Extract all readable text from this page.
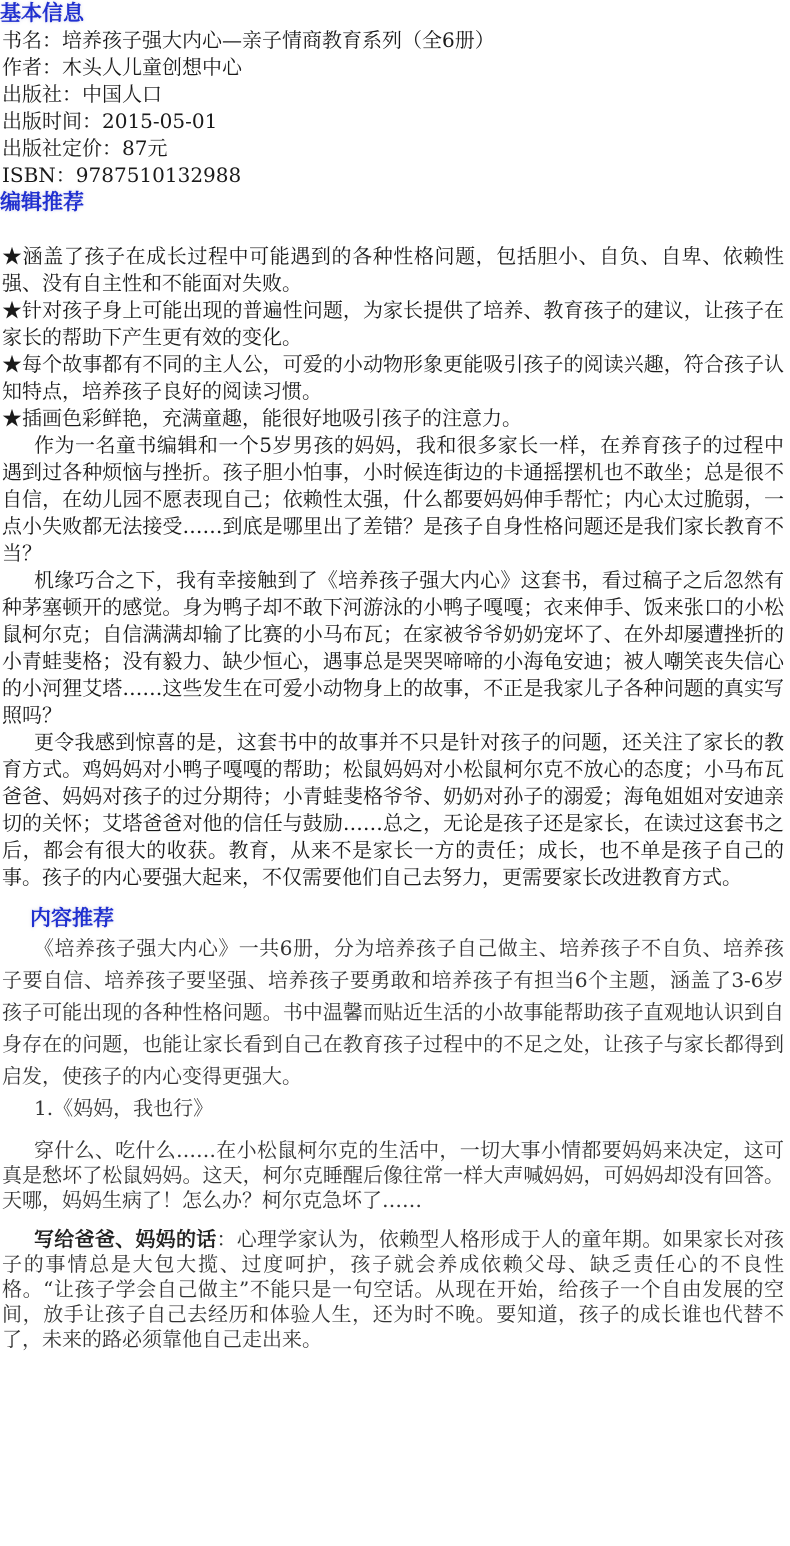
基本信息
书名：培养孩子强大内心—亲子情商教育系列（全6册）
作者：木头人儿童创想中心
出版社：中国人口
出版时间：2015-05-01
出版社定价：87元
ISBN：9787510132988
编辑推荐

★涵盖了孩子在成长过程中可能遇到的各种性格问题，包括胆小、自负、自卑、依赖性强、没有自主性和不能面对失败。

★针对孩子身上可能出现的普遍性问题，为家长提供了培养、教育孩子的建议，让孩子在家长的帮助下产生更有效的变化。

★每个故事都有不同的主人公，可爱的小动物形象更能吸引孩子的阅读兴趣，符合孩子认知特点，培养孩子良好的阅读习惯。

★插画色彩鲜艳，充满童趣，能很好地吸引孩子的注意力。

作为一名童书编辑和一个5岁男孩的妈妈，我和很多家长一样，在养育孩子的过程中遇到过各种烦恼与挫折。孩子胆小怕事，小时候连街边的卡通摇摆机也不敢坐；总是很不自信，在幼儿园不愿表现自己；依赖性太强，什么都要妈妈伸手帮忙；内心太过脆弱，一点小失败都无法接受……到底是哪里出了差错？是孩子自身性格问题还是我们家长教育不当？

机缘巧合之下，我有幸接触到了《培养孩子强大内心》这套书，看过稿子之后忽然有种茅塞顿开的感觉。身为鸭子却不敢下河游泳的小鸭子嘎嘎；衣来伸手、饭来张口的小松鼠柯尔克；自信满满却输了比赛的小马布瓦；在家被爷爷奶奶宠坏了、在外却屡遭挫折的小青蛙斐格；没有毅力、缺少恒心，遇事总是哭哭啼啼的小海龟安迪；被人嘲笑丧失信心的小河狸艾塔……这些发生在可爱小动物身上的故事，不正是我家儿子各种问题的真实写照吗？

更令我感到惊喜的是，这套书中的故事并不只是针对孩子的问题，还关注了家长的教育方式。鸡妈妈对小鸭子嘎嘎的帮助；松鼠妈妈对小松鼠柯尔克不放心的态度；小马布瓦爸爸、妈妈对孩子的过分期待；小青蛙斐格爷爷、奶奶对孙子的溺爱；海龟姐姐对安迪亲切的关怀；艾塔爸爸对他的信任与鼓励……总之，无论是孩子还是家长，在读过这套书之后，都会有很大的收获。教育，从来不是家长一方的责任；成长，也不单是孩子自己的事。孩子的内心要强大起来，不仅需要他们自己去努力，更需要家长改进教育方式。

内容推荐

《培养孩子强大内心》一共6册，分为培养孩子自己做主、培养孩子不自负、培养孩子要自信、培养孩子要坚强、培养孩子要勇敢和培养孩子有担当6个主题，涵盖了3-6岁孩子可能出现的各种性格问题。书中温馨而贴近生活的小故事能帮助孩子直观地认识到自身存在的问题，也能让家长看到自己在教育孩子过程中的不足之处，让孩子与家长都得到启发，使孩子的内心变得更强大。

1.《妈妈，我也行》

穿什么、吃什么……在小松鼠柯尔克的生活中，一切大事小情都要妈妈来决定，这可真是愁坏了松鼠妈妈。这天，柯尔克睡醒后像往常一样大声喊妈妈，可妈妈却没有回答。天哪，妈妈生病了！怎么办？柯尔克急坏了……

写给爸爸、妈妈的话：心理学家认为，依赖型人格形成于人的童年期。如果家长对孩子的事情总是大包大揽、过度呵护，孩子就会养成依赖父母、缺乏责任心的不良性格。“让孩子学会自己做主”不能只是一句空话。从现在开始，给孩子一个自由发展的空间，放手让孩子自己去经历和体验人生，还为时不晚。要知道，孩子的成长谁也代替不了，未来的路必须靠他自己走出来。
